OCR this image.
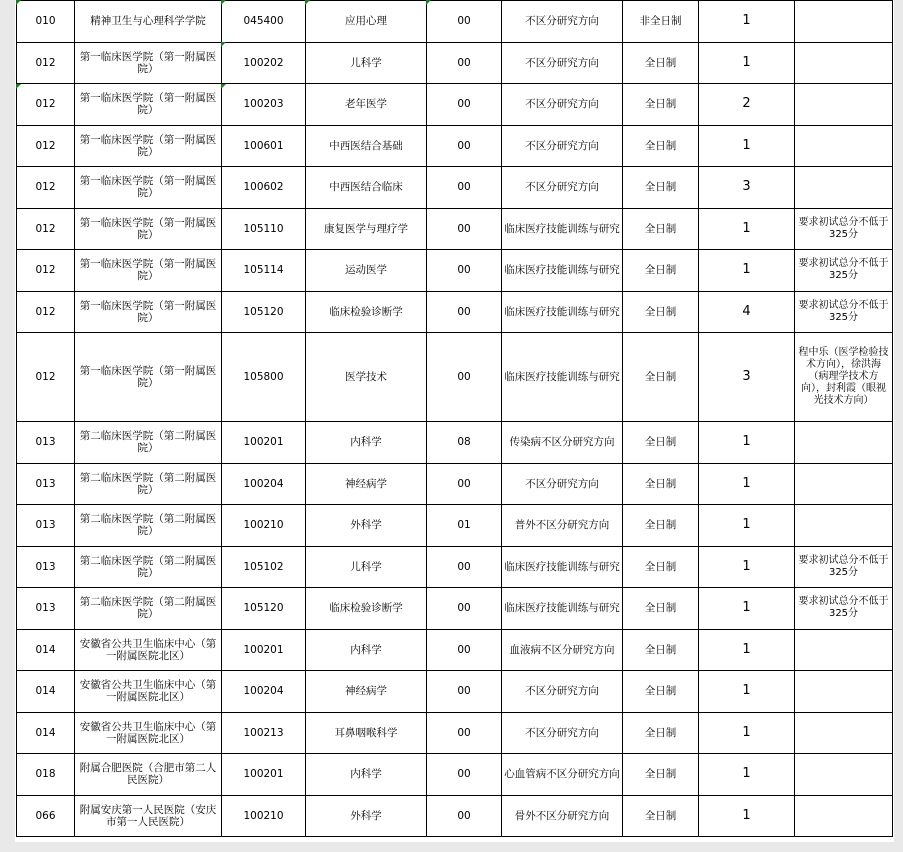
010	精神卫生与心理科学学院	045400	应用心理	00	不区分研究方向	非全日制	1	
012	第一临床医学院（第一附属医院）	100202	儿科学	00	不区分研究方向	全日制	1	
012	第一临床医学院（第一附属医院）	100203	老年医学	00	不区分研究方向	全日制	2	
012	第一临床医学院（第一附属医院）	100601	中西医结合基础	00	不区分研究方向	全日制	1	
012	第一临床医学院（第一附属医院）	100602	中西医结合临床	00	不区分研究方向	全日制	3	
012	第一临床医学院（第一附属医院）	105110	康复医学与理疗学	00	临床医疗技能训练与研究	全日制	1	要求初试总分不低于325分
012	第一临床医学院（第一附属医院）	105114	运动医学	00	临床医疗技能训练与研究	全日制	1	要求初试总分不低于325分
012	第一临床医学院（第一附属医院）	105120	临床检验诊断学	00	临床医疗技能训练与研究	全日制	4	要求初试总分不低于325分
012	第一临床医学院（第一附属医院）	105800	医学技术	00	临床医疗技能训练与研究	全日制	3	程中乐（医学检验技术方向），徐洪海（病理学技术方向），封利霞（眼视光技术方向）
013	第二临床医学院（第二附属医院）	100201	内科学	08	传染病不区分研究方向	全日制	1	
013	第二临床医学院（第二附属医院）	100204	神经病学	00	不区分研究方向	全日制	1	
013	第二临床医学院（第二附属医院）	100210	外科学	01	普外不区分研究方向	全日制	1	
013	第二临床医学院（第二附属医院）	105102	儿科学	00	临床医疗技能训练与研究	全日制	1	要求初试总分不低于325分
013	第二临床医学院（第二附属医院）	105120	临床检验诊断学	00	临床医疗技能训练与研究	全日制	1	要求初试总分不低于325分
014	安徽省公共卫生临床中心（第一附属医院北区）	100201	内科学	00	血液病不区分研究方向	全日制	1	
014	安徽省公共卫生临床中心（第一附属医院北区）	100204	神经病学	00	不区分研究方向	全日制	1	
014	安徽省公共卫生临床中心（第一附属医院北区）	100213	耳鼻咽喉科学	00	不区分研究方向	全日制	1	
018	附属合肥医院（合肥市第二人民医院）	100201	内科学	00	心血管病不区分研究方向	全日制	1	
066	附属安庆第一人民医院（安庆市第一人民医院）	100210	外科学	00	骨外不区分研究方向	全日制	1	
